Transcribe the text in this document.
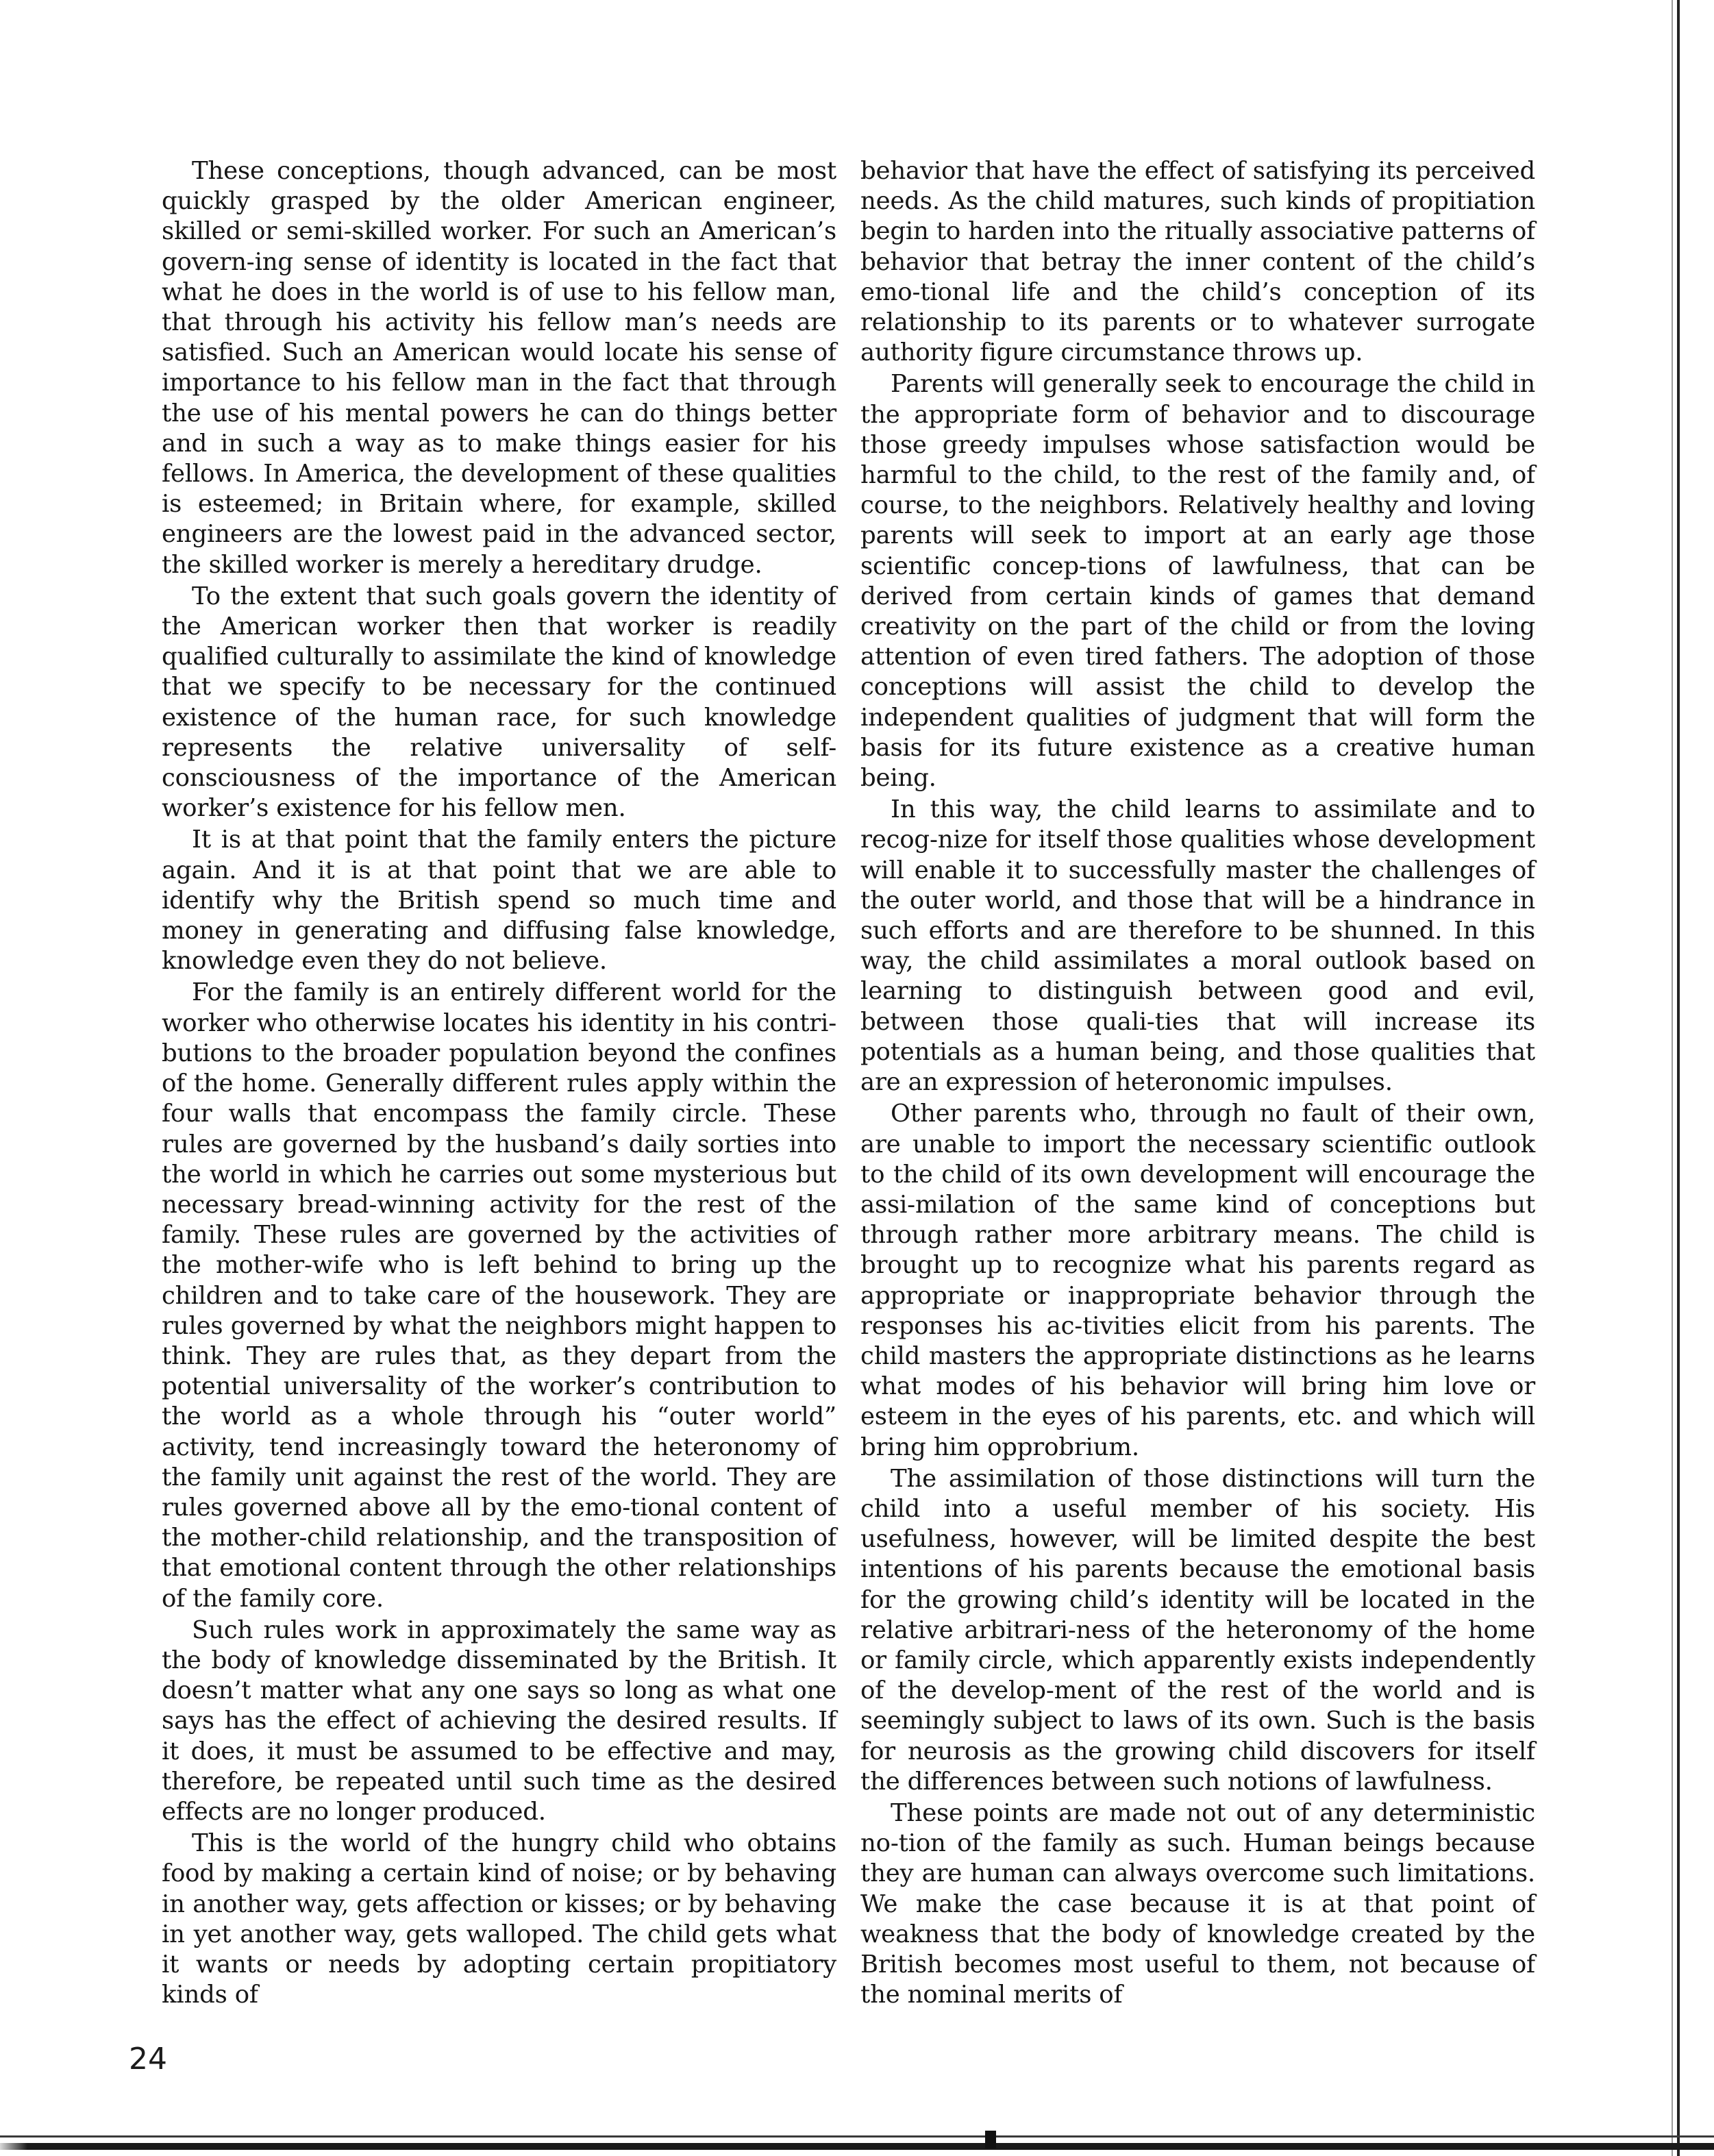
These conceptions, though advanced, can be most quickly grasped by the older American engineer, skilled or semi-skilled worker. For such an American’s govern-ing sense of identity is located in the fact that what he does in the world is of use to his fellow man, that through his activity his fellow man’s needs are satisfied. Such an American would locate his sense of importance to his fellow man in the fact that through the use of his mental powers he can do things better and in such a way as to make things easier for his fellows. In America, the development of these qualities is esteemed; in Britain where, for example, skilled engineers are the lowest paid in the advanced sector, the skilled worker is merely a hereditary drudge.

To the extent that such goals govern the identity of the American worker then that worker is readily qualified culturally to assimilate the kind of knowledge that we specify to be necessary for the continued existence of the human race, for such knowledge represents the relative universality of self-consciousness of the importance of the American worker’s existence for his fellow men.

It is at that point that the family enters the picture again. And it is at that point that we are able to identify why the British spend so much time and money in generating and diffusing false knowledge, knowledge even they do not believe.

For the family is an entirely different world for the worker who otherwise locates his identity in his contri-butions to the broader population beyond the confines of the home. Generally different rules apply within the four walls that encompass the family circle. These rules are governed by the husband’s daily sorties into the world in which he carries out some mysterious but necessary bread-winning activity for the rest of the family. These rules are governed by the activities of the mother-wife who is left behind to bring up the children and to take care of the housework. They are rules governed by what the neighbors might happen to think. They are rules that, as they depart from the potential universality of the worker’s contribution to the world as a whole through his “outer world” activity, tend increasingly toward the heteronomy of the family unit against the rest of the world. They are rules governed above all by the emo-tional content of the mother-child relationship, and the transposition of that emotional content through the other relationships of the family core.

Such rules work in approximately the same way as the body of knowledge disseminated by the British. It doesn’t matter what any one says so long as what one says has the effect of achieving the desired results. If it does, it must be assumed to be effective and may, therefore, be repeated until such time as the desired effects are no longer produced.

This is the world of the hungry child who obtains food by making a certain kind of noise; or by behaving in another way, gets affection or kisses; or by behaving in yet another way, gets walloped. The child gets what it wants or needs by adopting certain propitiatory kinds of

behavior that have the effect of satisfying its perceived needs. As the child matures, such kinds of propitiation begin to harden into the ritually associative patterns of behavior that betray the inner content of the child’s emo-tional life and the child’s conception of its relationship to its parents or to whatever surrogate authority figure circumstance throws up.

Parents will generally seek to encourage the child in the appropriate form of behavior and to discourage those greedy impulses whose satisfaction would be harmful to the child, to the rest of the family and, of course, to the neighbors. Relatively healthy and loving parents will seek to import at an early age those scientific concep-tions of lawfulness, that can be derived from certain kinds of games that demand creativity on the part of the child or from the loving attention of even tired fathers. The adoption of those conceptions will assist the child to develop the independent qualities of judgment that will form the basis for its future existence as a creative human being.

In this way, the child learns to assimilate and to recog-nize for itself those qualities whose development will enable it to successfully master the challenges of the outer world, and those that will be a hindrance in such efforts and are therefore to be shunned. In this way, the child assimilates a moral outlook based on learning to distinguish between good and evil, between those quali-ties that will increase its potentials as a human being, and those qualities that are an expression of heteronomic impulses.

Other parents who, through no fault of their own, are unable to import the necessary scientific outlook to the child of its own development will encourage the assi-milation of the same kind of conceptions but through rather more arbitrary means. The child is brought up to recognize what his parents regard as appropriate or inappropriate behavior through the responses his ac-tivities elicit from his parents. The child masters the appropriate distinctions as he learns what modes of his behavior will bring him love or esteem in the eyes of his parents, etc. and which will bring him opprobrium.

The assimilation of those distinctions will turn the child into a useful member of his society. His usefulness, however, will be limited despite the best intentions of his parents because the emotional basis for the growing child’s identity will be located in the relative arbitrari-ness of the heteronomy of the home or family circle, which apparently exists independently of the develop-ment of the rest of the world and is seemingly subject to laws of its own. Such is the basis for neurosis as the growing child discovers for itself the differences between such notions of lawfulness.

These points are made not out of any deterministic no-tion of the family as such. Human beings because they are human can always overcome such limitations. We make the case because it is at that point of weakness that the body of knowledge created by the British becomes most useful to them, not because of the nominal merits of

24
